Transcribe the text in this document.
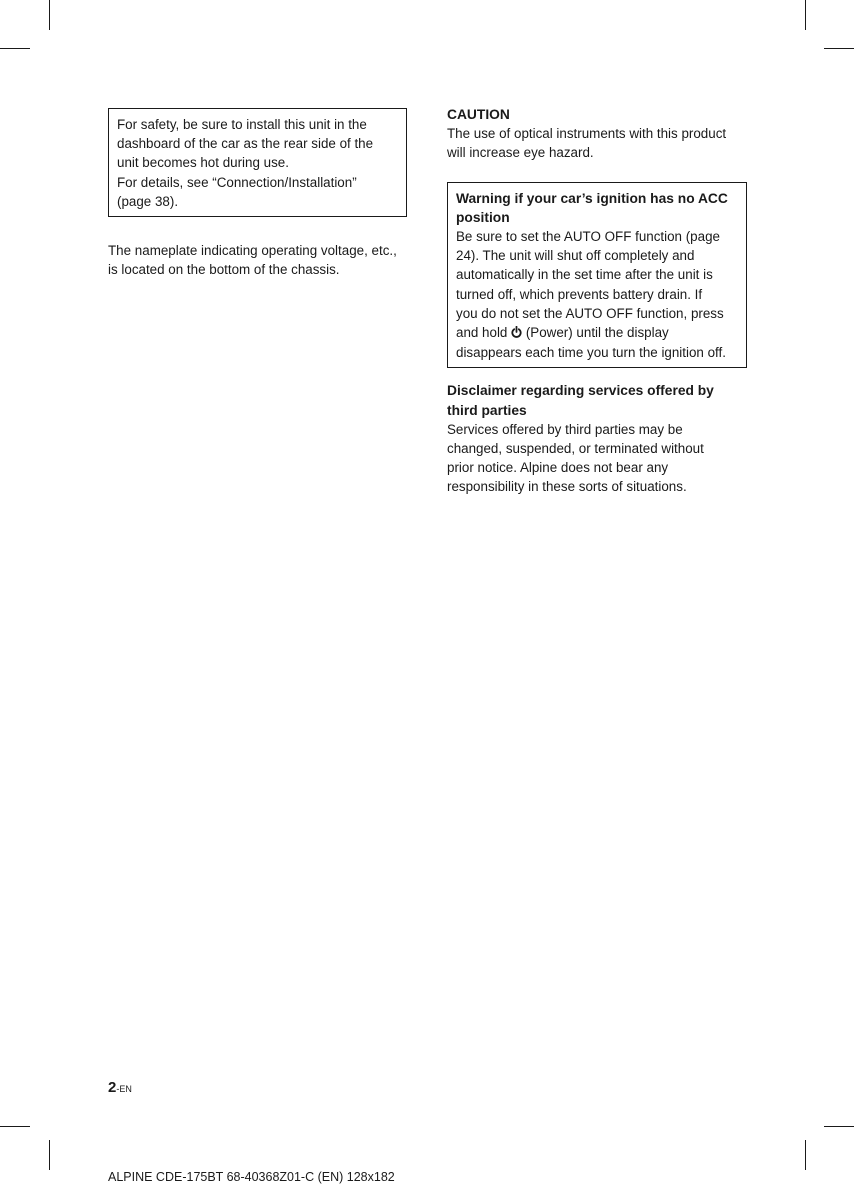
For safety, be sure to install this unit in the

dashboard of the car as the rear side of the

unit becomes hot during use.

For details, see “Connection/Installation”

(page 38).

The nameplate indicating operating voltage, etc.,

is located on the bottom of the chassis.

CAUTION

The use of optical instruments with this product

will increase eye hazard.

Warning if your car’s ignition has no ACC

position

Be sure to set the AUTO OFF function (page

24). The unit will shut off completely and

automatically in the set time after the unit is

turned off, which prevents battery drain. If

you do not set the AUTO OFF function, press

and hold  (Power) until the display

disappears each time you turn the ignition off.

Disclaimer regarding services offered by

third parties

Services offered by third parties may be

changed, suspended, or terminated without

prior notice. Alpine does not bear any

responsibility in these sorts of situations.

2-EN
ALPINE CDE-175BT 68-40368Z01-C (EN) 128x182
